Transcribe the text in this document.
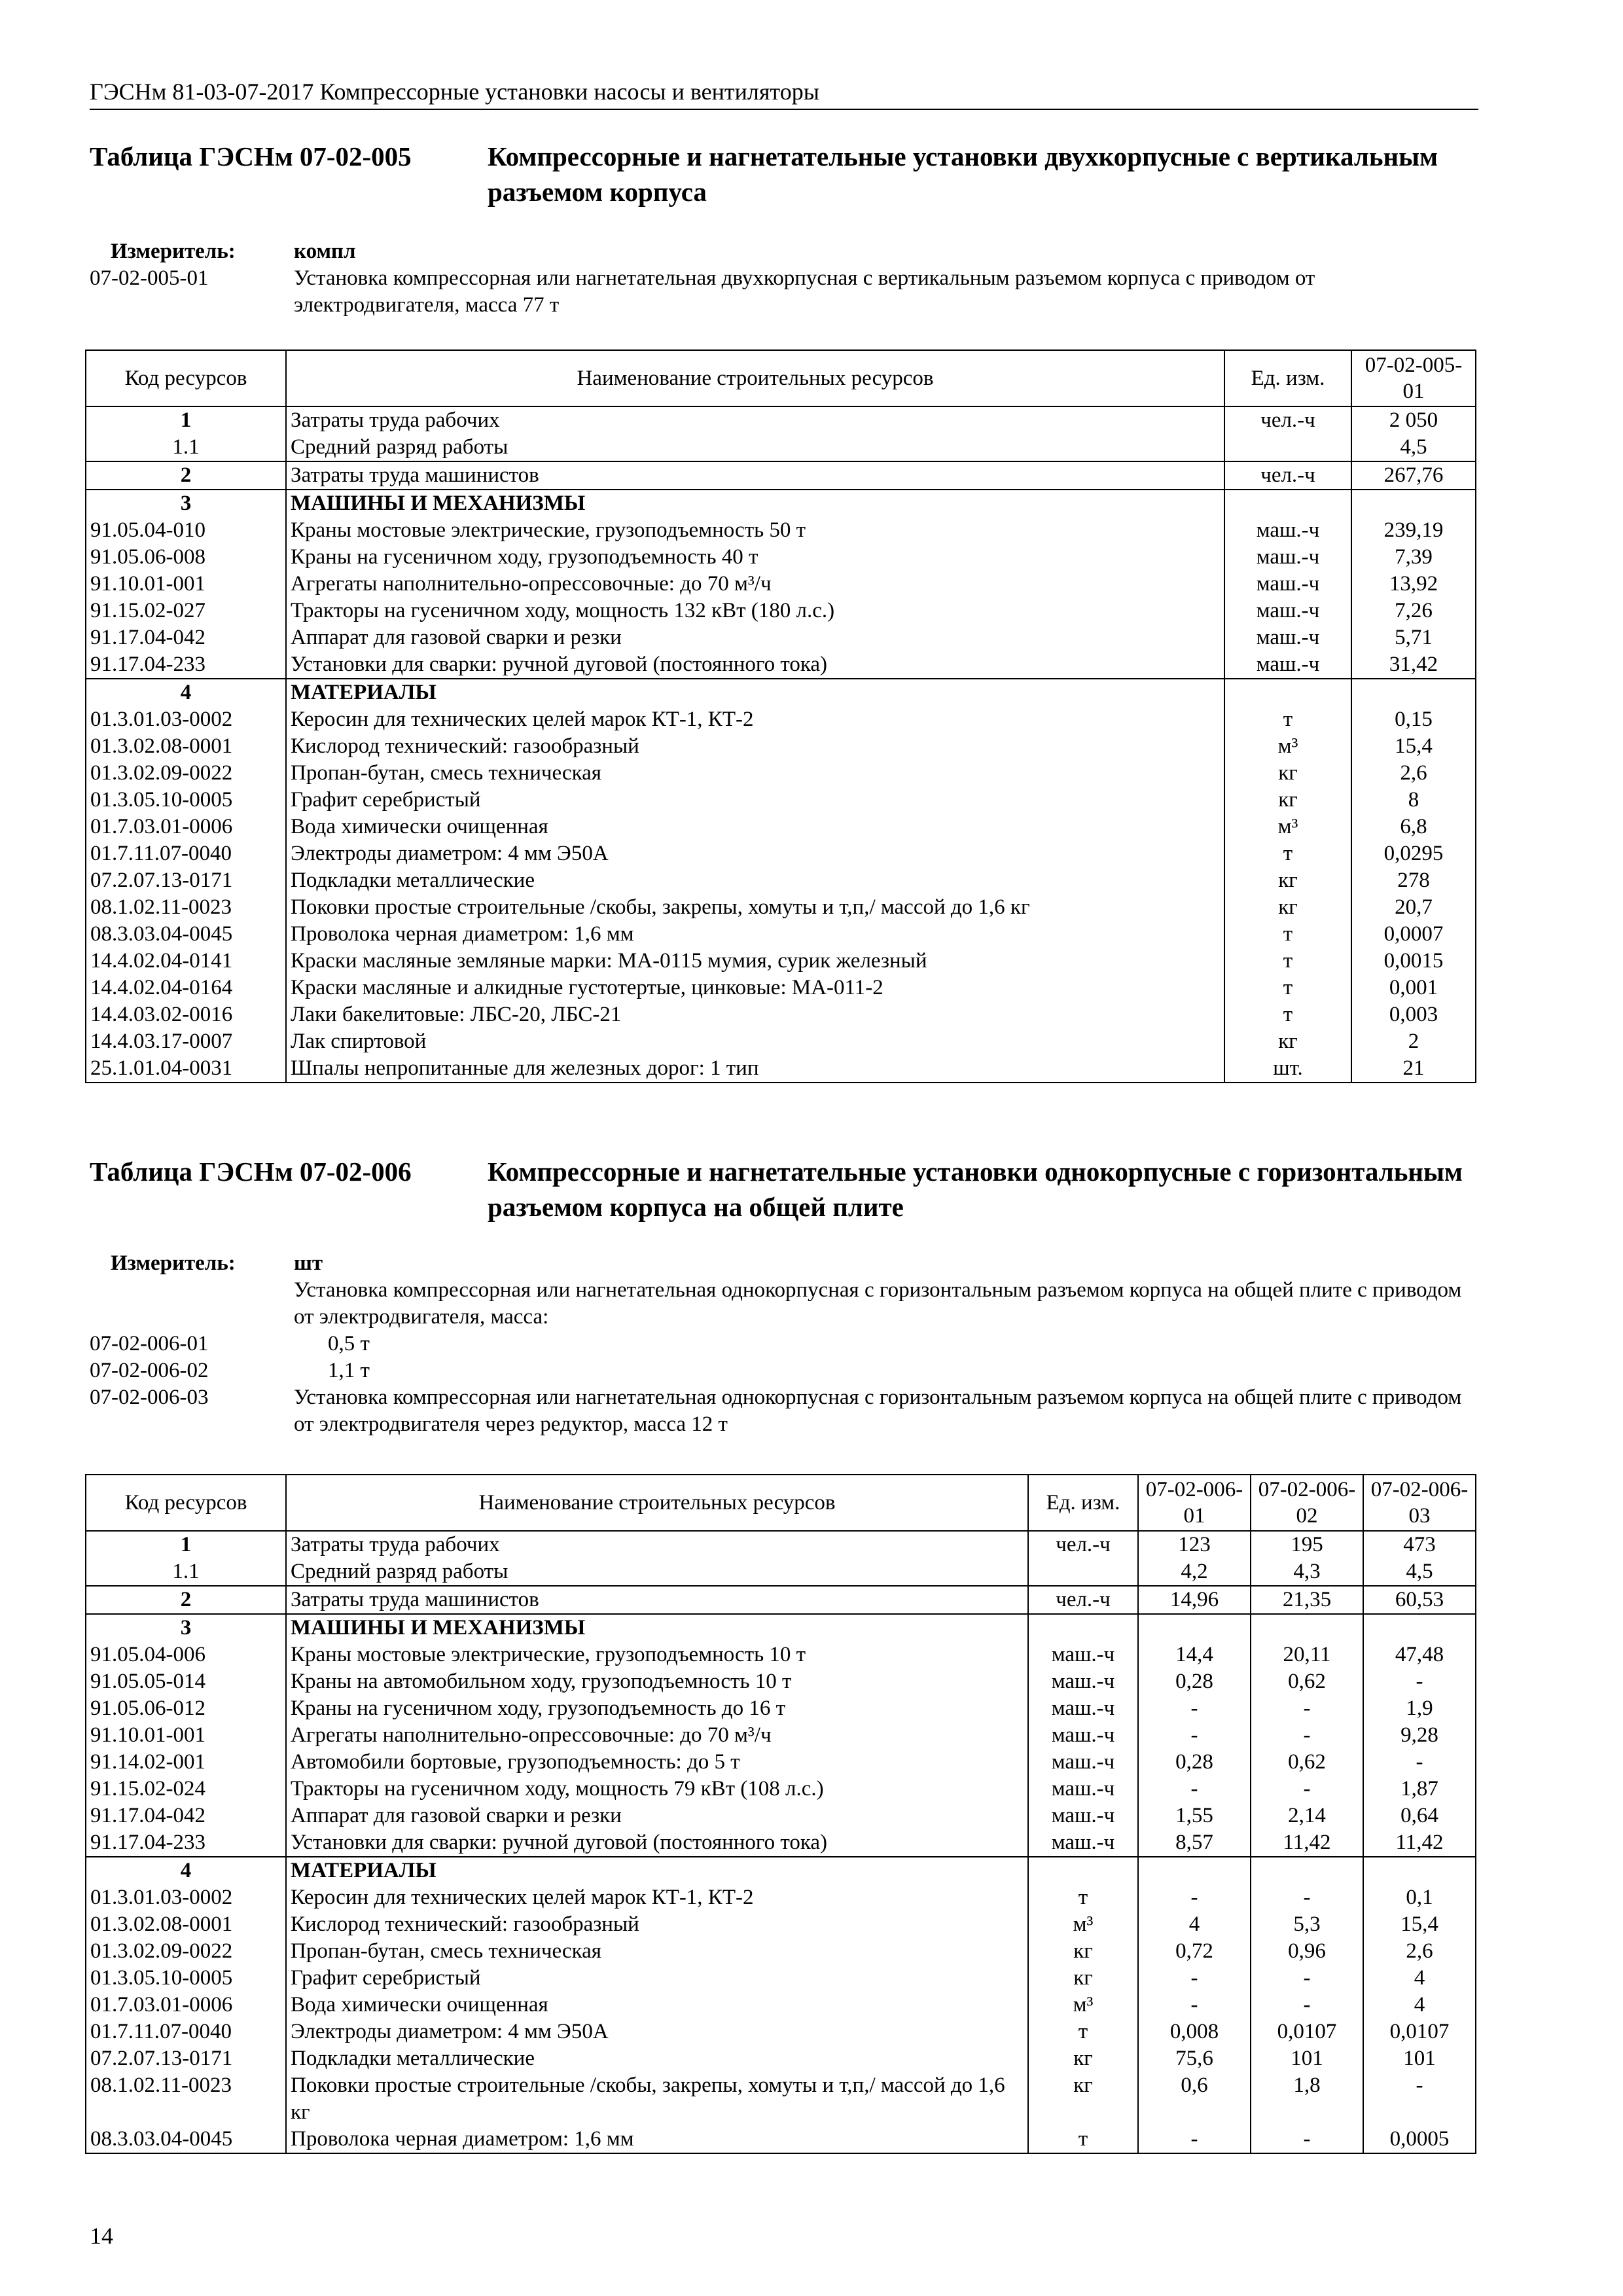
ГЭСНм 81-03-07-2017 Компрессорные установки насосы и вентиляторы
Таблица ГЭСНм 07-02-005	Компрессорные и нагнетательные установки двухкорпусные с вертикальным разъемом корпуса
Измеритель:	компл
07-02-005-01	Установка компрессорная или нагнетательная двухкорпусная с вертикальным разъемом корпуса с приводом от электродвигателя, масса 77 т
Код ресурсов	Наименование строительных ресурсов	Ед. изм.	07-02-005-01
1	Затраты труда рабочих	чел.-ч	2 050
1.1	Средний разряд работы		4,5
2	Затраты труда машинистов	чел.-ч	267,76
3	МАШИНЫ И МЕХАНИЗМЫ		
91.05.04-010	Краны мостовые электрические, грузоподъемность 50 т	маш.-ч	239,19
91.05.06-008	Краны на гусеничном ходу, грузоподъемность 40 т	маш.-ч	7,39
91.10.01-001	Агрегаты наполнительно-опрессовочные: до 70 м³/ч	маш.-ч	13,92
91.15.02-027	Тракторы на гусеничном ходу, мощность 132 кВт (180 л.с.)	маш.-ч	7,26
91.17.04-042	Аппарат для газовой сварки и резки	маш.-ч	5,71
91.17.04-233	Установки для сварки: ручной дуговой (постоянного тока)	маш.-ч	31,42
4	МАТЕРИАЛЫ		
01.3.01.03-0002	Керосин для технических целей марок КТ-1, КТ-2	т	0,15
01.3.02.08-0001	Кислород технический: газообразный	м³	15,4
01.3.02.09-0022	Пропан-бутан, смесь техническая	кг	2,6
01.3.05.10-0005	Графит серебристый	кг	8
01.7.03.01-0006	Вода химически очищенная	м³	6,8
01.7.11.07-0040	Электроды диаметром: 4 мм Э50А	т	0,0295
07.2.07.13-0171	Подкладки металлические	кг	278
08.1.02.11-0023	Поковки простые строительные /скобы, закрепы, хомуты и т,п,/ массой до 1,6 кг	кг	20,7
08.3.03.04-0045	Проволока черная диаметром: 1,6 мм	т	0,0007
14.4.02.04-0141	Краски масляные земляные марки: МА-0115 мумия, сурик железный	т	0,0015
14.4.02.04-0164	Краски масляные и алкидные густотертые, цинковые: МА-011-2	т	0,001
14.4.03.02-0016	Лаки бакелитовые: ЛБС-20, ЛБС-21	т	0,003
14.4.03.17-0007	Лак спиртовой	кг	2
25.1.01.04-0031	Шпалы непропитанные для железных дорог: 1 тип	шт.	21
Таблица ГЭСНм 07-02-006	Компрессорные и нагнетательные установки однокорпусные с горизонтальным разъемом корпуса на общей плите
Измеритель:	шт
Установка компрессорная или нагнетательная однокорпусная с горизонтальным разъемом корпуса на общей плите с приводом от электродвигателя, масса:
07-02-006-01	0,5 т
07-02-006-02	1,1 т
07-02-006-03	Установка компрессорная или нагнетательная однокорпусная с горизонтальным разъемом корпуса на общей плите с приводом от электродвигателя через редуктор, масса 12 т
Код ресурсов	Наименование строительных ресурсов	Ед. изм.	07-02-006-01	07-02-006-02	07-02-006-03
1	Затраты труда рабочих	чел.-ч	123	195	473
1.1	Средний разряд работы		4,2	4,3	4,5
2	Затраты труда машинистов	чел.-ч	14,96	21,35	60,53
3	МАШИНЫ И МЕХАНИЗМЫ				
91.05.04-006	Краны мостовые электрические, грузоподъемность 10 т	маш.-ч	14,4	20,11	47,48
91.05.05-014	Краны на автомобильном ходу, грузоподъемность 10 т	маш.-ч	0,28	0,62	-
91.05.06-012	Краны на гусеничном ходу, грузоподъемность до 16 т	маш.-ч	-	-	1,9
91.10.01-001	Агрегаты наполнительно-опрессовочные: до 70 м³/ч	маш.-ч	-	-	9,28
91.14.02-001	Автомобили бортовые, грузоподъемность: до 5 т	маш.-ч	0,28	0,62	-
91.15.02-024	Тракторы на гусеничном ходу, мощность 79 кВт (108 л.с.)	маш.-ч	-	-	1,87
91.17.04-042	Аппарат для газовой сварки и резки	маш.-ч	1,55	2,14	0,64
91.17.04-233	Установки для сварки: ручной дуговой (постоянного тока)	маш.-ч	8,57	11,42	11,42
4	МАТЕРИАЛЫ				
01.3.01.03-0002	Керосин для технических целей марок КТ-1, КТ-2	т	-	-	0,1
01.3.02.08-0001	Кислород технический: газообразный	м³	4	5,3	15,4
01.3.02.09-0022	Пропан-бутан, смесь техническая	кг	0,72	0,96	2,6
01.3.05.10-0005	Графит серебристый	кг	-	-	4
01.7.03.01-0006	Вода химически очищенная	м³	-	-	4
01.7.11.07-0040	Электроды диаметром: 4 мм Э50А	т	0,008	0,0107	0,0107
07.2.07.13-0171	Подкладки металлические	кг	75,6	101	101
08.1.02.11-0023	Поковки простые строительные /скобы, закрепы, хомуты и т,п,/ массой до 1,6 кг	кг	0,6	1,8	-
08.3.03.04-0045	Проволока черная диаметром: 1,6 мм	т	-	-	0,0005
14
